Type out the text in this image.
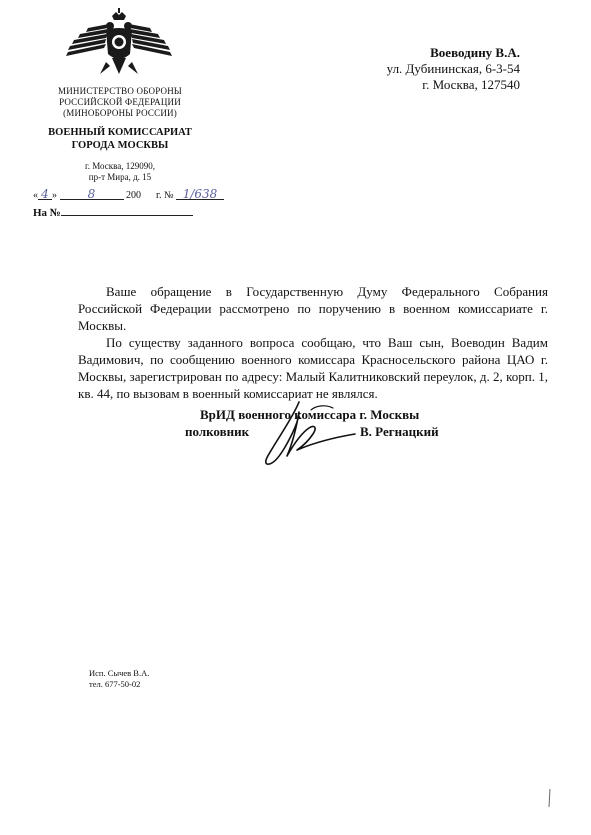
МИНИСТЕРСТВО ОБОРОНЫ
РОССИЙСКОЙ ФЕДЕРАЦИИ
(МИНОБОРОНЫ РОССИИ)
ВОЕННЫЙ КОМИССАРИАТ
ГОРОДА МОСКВЫ
г. Москва, 129090,
пр-т Мира, д. 15
« 4 »	8	200 г. № 1/638
На №
Воеводину В.А.
ул. Дубининская, 6-3-54
г. Москва, 127540

Ваше обращение в Государственную Думу Федерального Собрания Российской Федерации рассмотрено по поручению в военном комиссариате г. Москвы.

По существу заданного вопроса сообщаю, что Ваш сын, Воеводин Вадим Вадимович, по сообщению военного комиссара Красносельского района ЦАО г. Москвы, зарегистрирован по адресу: Малый Калитниковский переулок, д. 2, корп. 1, кв. 44, по вызовам в военный комиссариат не являлся.

ВрИД военного комиссара г. Москвы
полковник	В. Регнацкий
Исп. Сычев В.А.
тел. 677-50-02
